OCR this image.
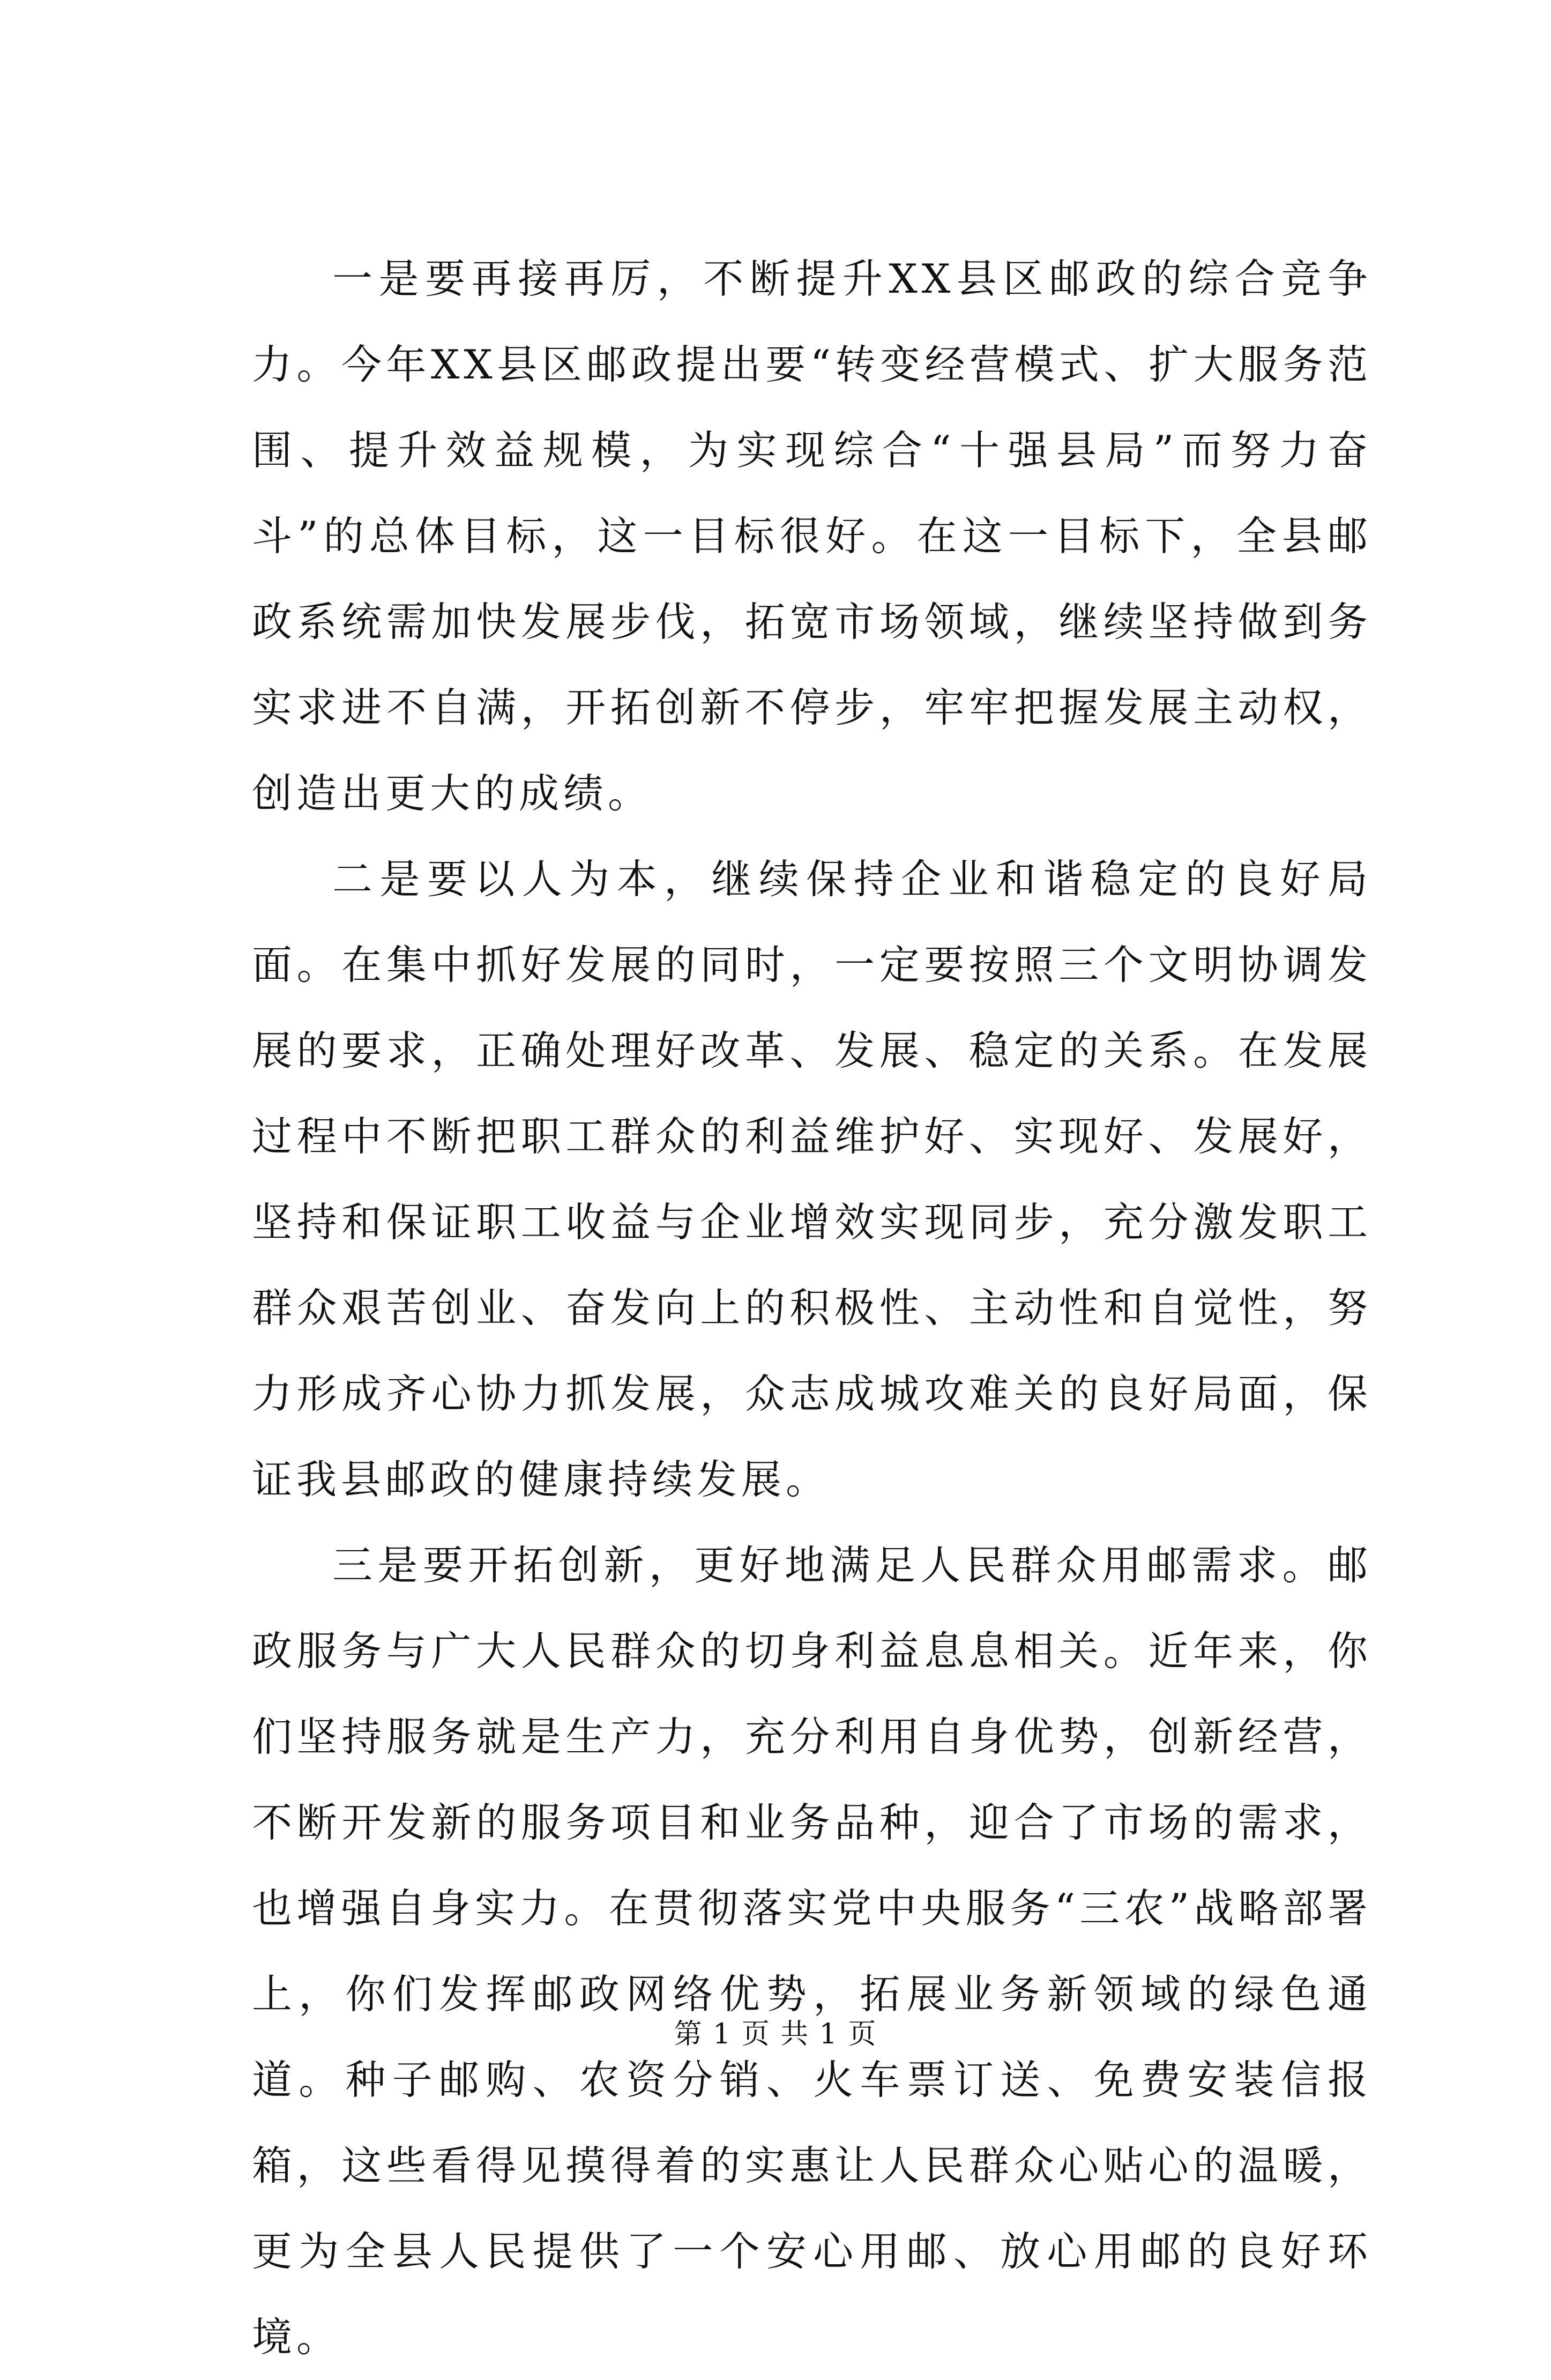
一是要再接再厉，不断提升XX县区邮政的综合竞争力。今年XX县区邮政提出要“转变经营模式、扩大服务范围、提升效益规模，为实现综合“十强县局”而努力奋斗”的总体目标，这一目标很好。在这一目标下，全县邮政系统需加快发展步伐，拓宽市场领域，继续坚持做到务实求进不自满，开拓创新不停步，牢牢把握发展主动权，创造出更大的成绩。

二是要以人为本，继续保持企业和谐稳定的良好局面。在集中抓好发展的同时，一定要按照三个文明协调发展的要求，正确处理好改革、发展、稳定的关系。在发展过程中不断把职工群众的利益维护好、实现好、发展好，坚持和保证职工收益与企业增效实现同步，充分激发职工群众艰苦创业、奋发向上的积极性、主动性和自觉性，努力形成齐心协力抓发展，众志成城攻难关的良好局面，保证我县邮政的健康持续发展。

三是要开拓创新，更好地满足人民群众用邮需求。邮政服务与广大人民群众的切身利益息息相关。近年来，你们坚持服务就是生产力，充分利用自身优势，创新经营，不断开发新的服务项目和业务品种，迎合了市场的需求，也增强自身实力。在贯彻落实党中央服务“三农”战略部署上，你们发挥邮政网络优势，拓展业务新领域的绿色通道。种子邮购、农资分销、火车票订送、免费安装信报箱，这些看得见摸得着的实惠让人民群众心贴心的温暖，更为全县人民提供了一个安心用邮、放心用邮的良好环境。

第 1 页 共 1 页
